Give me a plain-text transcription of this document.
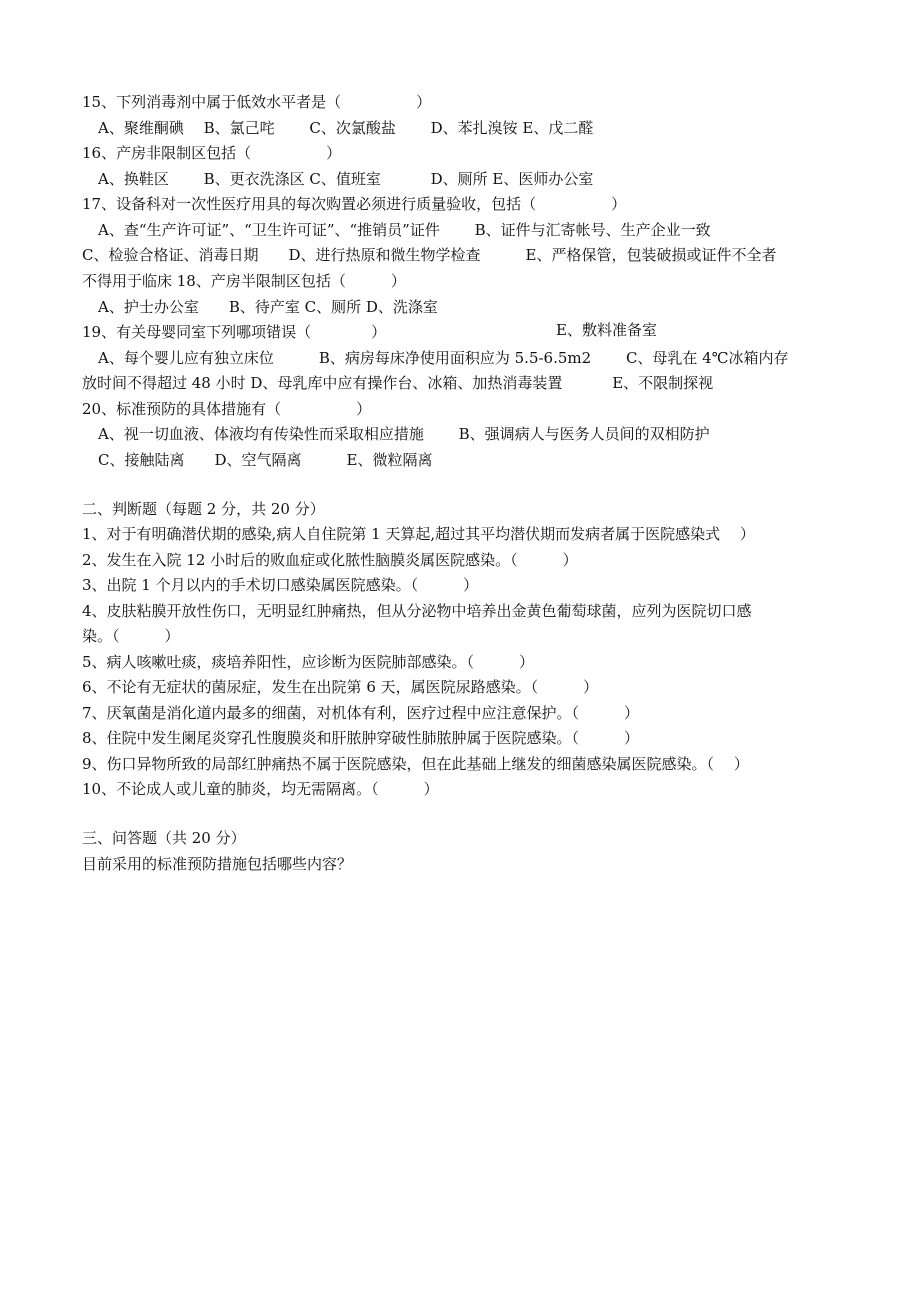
15、下列消毒剂中属于低效水平者是（　　　　　）
A、聚维酮碘　 B、氯己咤　　 C、次氯酸盐　　 D、苯扎溴铵 E、戊二醛
16、产房非限制区包括（　　　　　）
A、换鞋区　　 B、更衣洗涤区 C、值班室　　　 D、厕所 E、医师办公室
17、设备科对一次性医疗用具的每次购置必须进行质量验收，包括（　　　　　）
A、查“生产许可证”、“卫生许可证”、“推销员”证件　　 B、证件与汇寄帐号、生产企业一致
C、检验合格证、消毒日期　　D、进行热原和微生物学检查　　　E、严格保管，包装破损或证件不全者
不得用于临床 18、产房半限制区包括（　　　）
A、护士办公室　　B、待产室 C、厕所 D、洗涤室
19、有关母婴同室下列哪项错误（　　　　）	E、敷料准备室
A、每个婴儿应有独立床位　　　B、病房每床净使用面积应为 5.5-6.5m2　　 C、母乳在 4℃冰箱内存
放时间不得超过 48 小时 D、母乳库中应有操作台、冰箱、加热消毒装置　　　 E、不限制探视
20、标准预防的具体措施有（　　　　　）
A、视一切血液、体液均有传染性而采取相应措施　　 B、强调病人与医务人员间的双相防护
C、接触陆离　　D、空气隔离　　　E、微粒隔离
二、判断题（每题 2 分，共 20 分）
1、对于有明确潜伏期的感染,病人自住院第 1 天算起,超过其平均潜伏期而发病者属于医院感染式　 ）
2、发生在入院 12 小时后的败血症或化脓性脑膜炎属医院感染。（　　　）
3、出院 1 个月以内的手术切口感染属医院感染。（　　　）
4、皮肤粘膜开放性伤口，无明显红肿痛热，但从分泌物中培养出金黄色葡萄球菌，应列为医院切口感
染。（　　　）
5、病人咳嗽吐痰，痰培养阳性，应诊断为医院肺部感染。（　　　）
6、不论有无症状的菌尿症，发生在出院第 6 天，属医院尿路感染。（　　　）
7、厌氧菌是消化道内最多的细菌，对机体有利，医疗过程中应注意保护。（　　　）
8、住院中发生阑尾炎穿孔性腹膜炎和肝脓肿穿破性肺脓肿属于医院感染。（　　　）
9、伤口异物所致的局部红肿痛热不属于医院感染，但在此基础上继发的细菌感染属医院感染。（　 ）
10、不论成人或儿童的肺炎，均无需隔离。（　　　）
三、问答题（共 20 分）
目前采用的标准预防措施包括哪些内容？
